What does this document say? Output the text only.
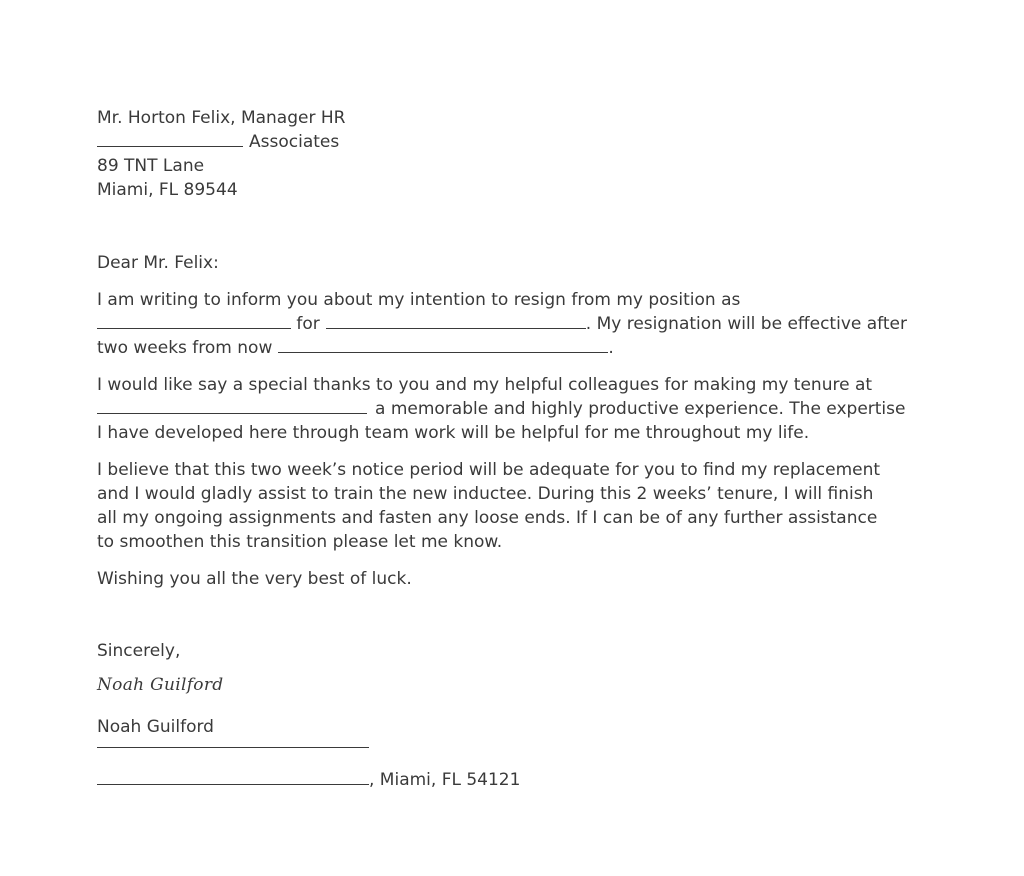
Mr. Horton Felix, Manager HR
Associates
89 TNT Lane
Miami, FL 89544
Dear Mr. Felix:
I am writing to inform you about my intention to resign from my position as
for	. My resignation will be effective after
two weeks from now	.
I would like say a special thanks to you and my helpful colleagues for making my tenure at
a memorable and highly productive experience. The expertise
I have developed here through team work will be helpful for me throughout my life.
I believe that this two week’s notice period will be adequate for you to find my replacement
and I would gladly assist to train the new inductee. During this 2 weeks’ tenure, I will finish
all my ongoing assignments and fasten any loose ends. If I can be of any further assistance
to smoothen this transition please let me know.
Wishing you all the very best of luck.
Sincerely,
Noah Guilford
Noah Guilford
, Miami, FL 54121
